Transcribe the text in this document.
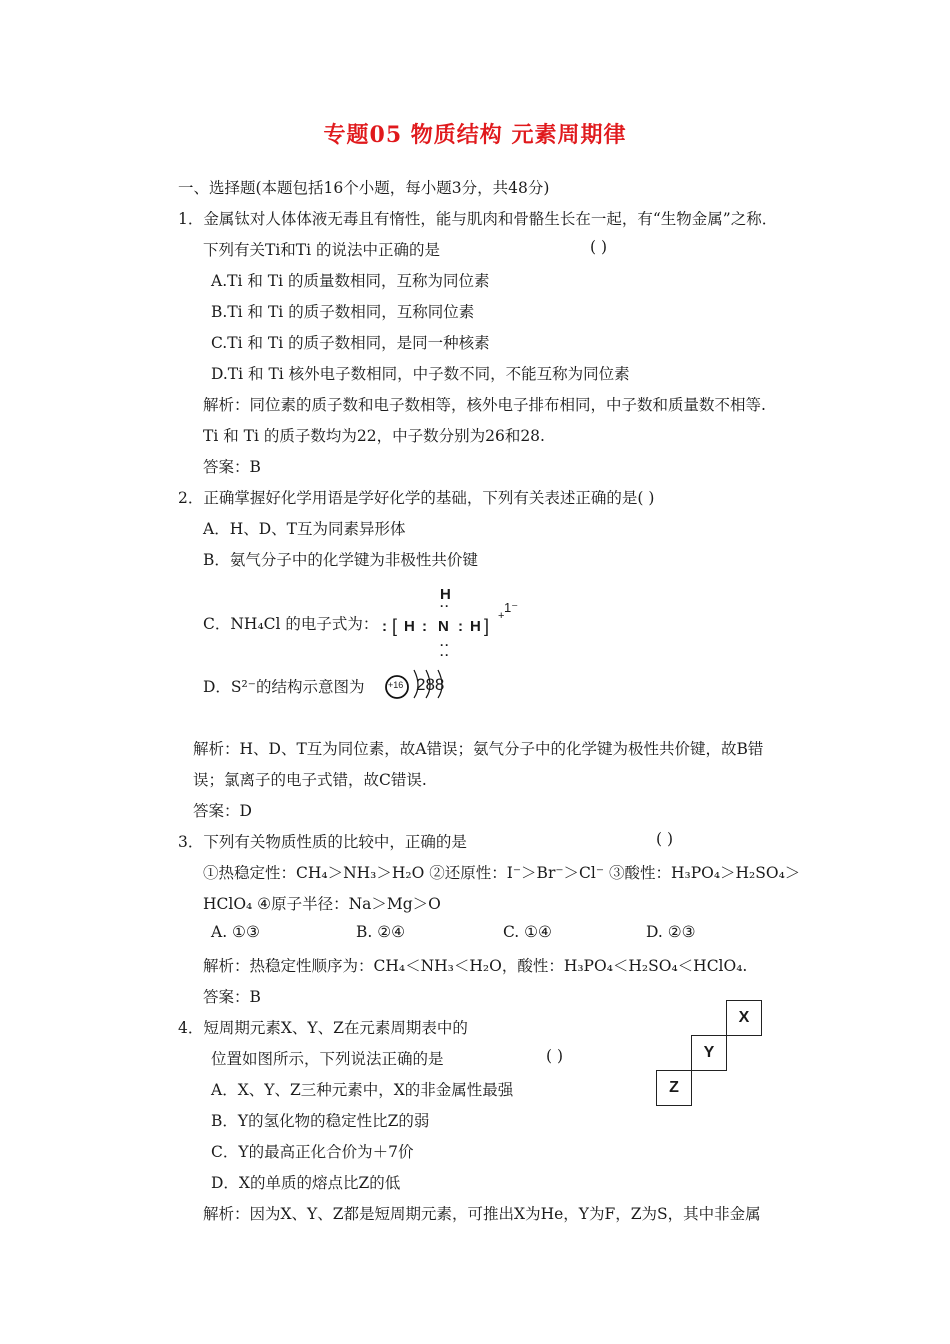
专题05 物质结构 元素周期律
一、选择题(本题包括16个小题，每小题3分，共48分)
1．金属钛对人体体液无毒且有惰性，能与肌肉和骨骼生长在一起，有“生物金属”之称．
下列有关Ti和Ti 的说法中正确的是	( )
A.Ti 和 Ti 的质量数相同，互称为同位素
B.Ti 和 Ti 的质子数相同，互称同位素
C.Ti 和 Ti 的质子数相同，是同一种核素
D.Ti 和 Ti 核外电子数相同，中子数不同，不能互称为同位素
解析：同位素的质子数和电子数相等，核外电子排布相同，中子数和质量数不相等.
Ti 和 Ti 的质子数均为22，中子数分别为26和28.
答案：B
2．正确掌握好化学用语是学好化学的基础，下列有关表述正确的是( )
A．H、D、T互为同素异形体
B．氨气分子中的化学键为非极性共价键
C．NH₄Cl 的电子式为：
H
··
: [ H : N : H ] +
1⁻
··
··
D．S²⁻的结构示意图为	+16 288
解析：H、D、T互为同位素，故A错误；氨气分子中的化学键为极性共价键，故B错
误；氯离子的电子式错，故C错误.
答案：D
3．下列有关物质性质的比较中，正确的是	( )
①热稳定性：CH₄＞NH₃＞H₂O ②还原性：I⁻＞Br⁻＞Cl⁻ ③酸性：H₃PO₄＞H₂SO₄＞
HClO₄ ④原子半径：Na＞Mg＞O
A. ①③	B. ②④	C. ①④	D. ②③
解析：热稳定性顺序为：CH₄＜NH₃＜H₂O，酸性：H₃PO₄＜H₂SO₄＜HClO₄.
答案：B
4．短周期元素X、Y、Z在元素周期表中的
位置如图所示，下列说法正确的是	( )
A．X、Y、Z三种元素中，X的非金属性最强
B．Y的氢化物的稳定性比Z的弱
C．Y的最高正化合价为＋7价
D．X的单质的熔点比Z的低
解析：因为X、Y、Z都是短周期元素，可推出X为He，Y为F，Z为S，其中非金属
X
Y
Z
